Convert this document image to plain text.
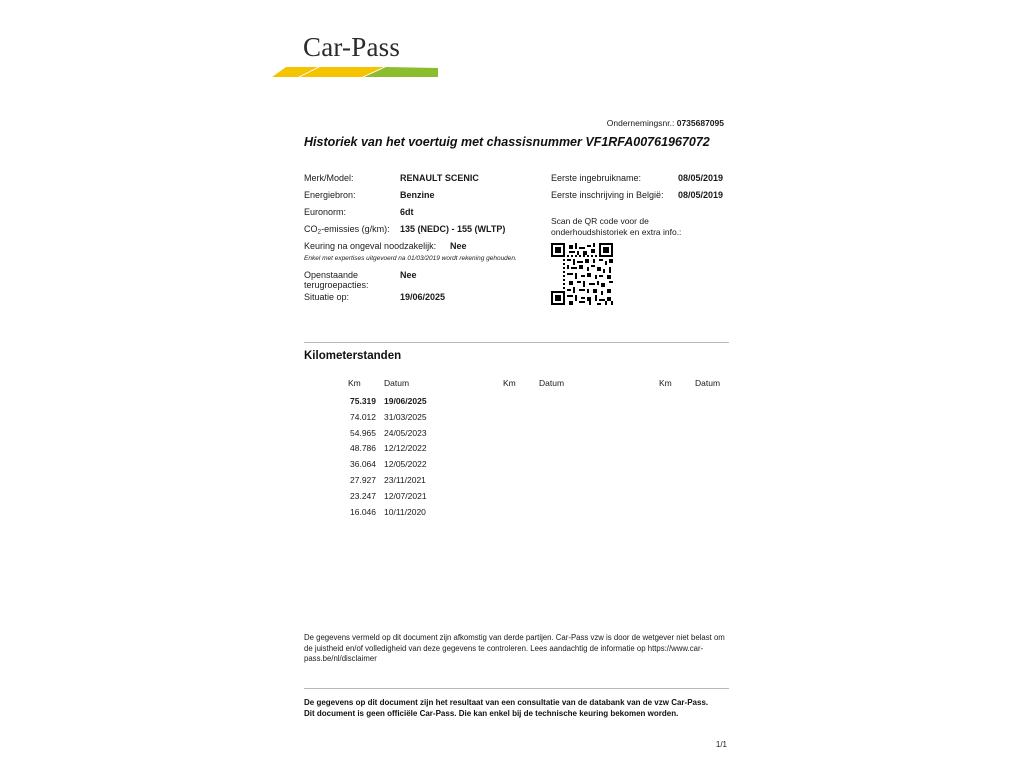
Car-Pass
Ondernemingsnr.: 0735687095
Historiek van het voertuig met chassisnummer VF1RFA00761967072
Merk/Model:	RENAULT SCENIC
Energiebron:	Benzine
Euronorm:	6dt
$CO_2$-emissies (g/km): 135 (NEDC) - 155 (WLTP)
Keuring na ongeval noodzakelijk: Nee
Enkel met expertises uitgevoerd na 01/03/2019 wordt rekening gehouden.
Openstaande	Nee
terugroepacties:
Situatie op:	19/06/2025
Eerste ingebruikname:	08/05/2019
Eerste inschrijving in België:	08/05/2019
Scan de QR code voor de
onderhoudshistoriek en extra info.:
Kilometerstanden
Km	Datum	Km	Datum	Km	Datum
75.319 19/06/2025
74.012 31/03/2025
54.965 24/05/2023
48.786 12/12/2022
36.064 12/05/2022
27.927 23/11/2021
23.247 12/07/2021
16.046 10/11/2020
De gegevens vermeld op dit document zijn afkomstig van derde partijen. Car-Pass vzw is door de wetgever niet belast om de juistheid en/of volledigheid van deze gegevens te controleren. Lees aandachtig de informatie op https://www.car-pass.be/nl/disclaimer
De gegevens op dit document zijn het resultaat van een consultatie van de databank van de vzw Car-Pass.
Dit document is geen officiële Car-Pass. Die kan enkel bij de technische keuring bekomen worden.
1/1
